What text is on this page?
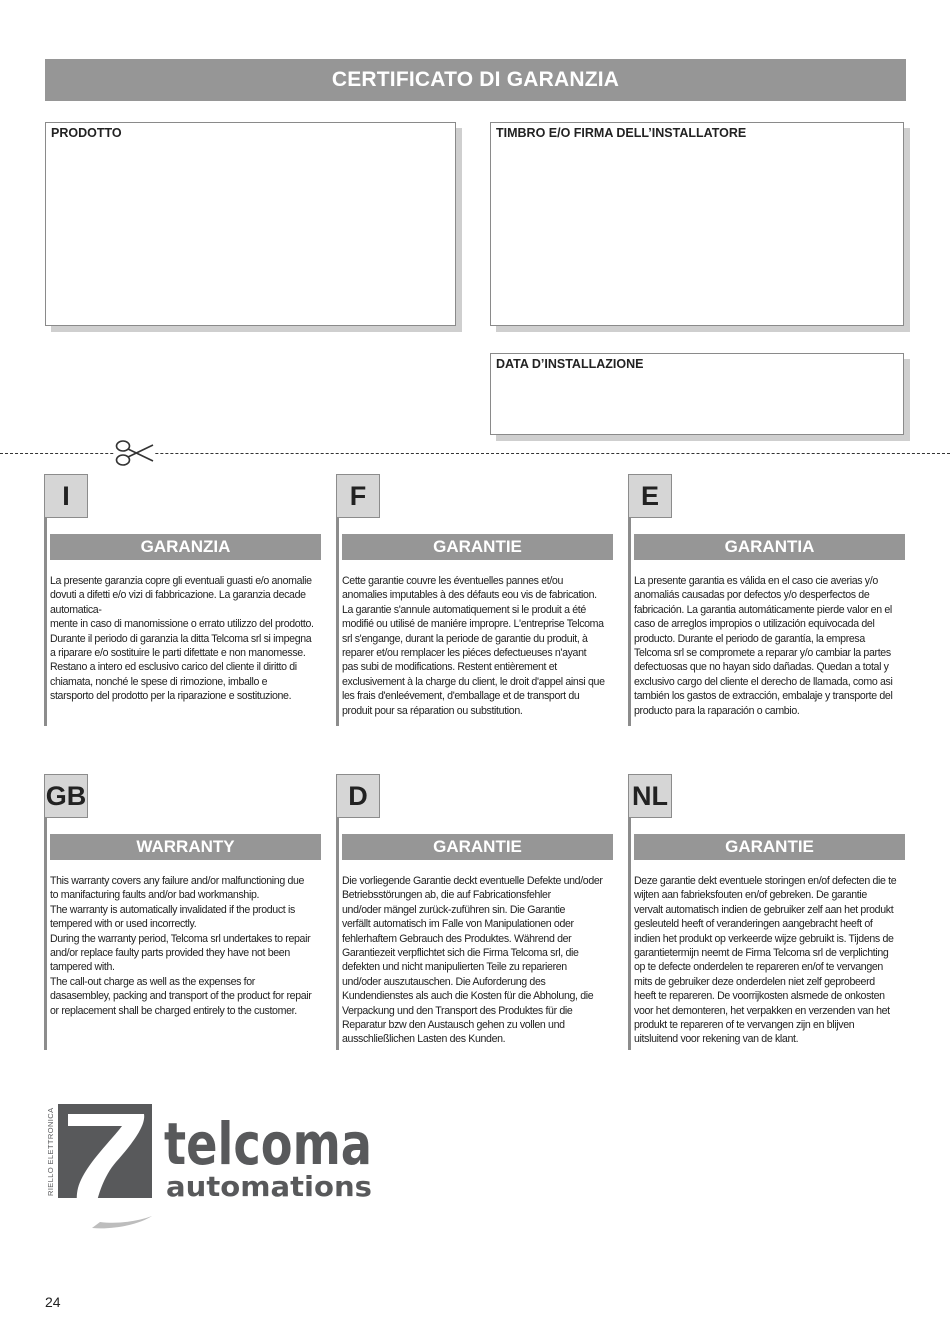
CERTIFICATO DI GARANZIA
PRODOTTO	TIMBRO E/O FIRMA DELL’INSTALLATORE
DATA D’INSTALLAZIONE
I
GARANZIA
La presente garanzia copre gli eventuali guasti e/o anomalie
dovuti a difetti e/o vizi di fabbricazione. La garanzia decade
automatica-
mente in caso di manomissione o errato utilizzo del prodotto.
Durante il periodo di garanzia la ditta Telcoma srl si impegna
a riparare e/o sostituire le parti difettate e non manomesse.
Restano a intero ed esclusivo carico del cliente il diritto di
chiamata, nonché le spese di rimozione, imballo e
starsporto del prodotto per la riparazione e sostituzione.
F
GARANTIE
Cette garantie couvre les éventuelles pannes et/ou
anomalies imputables à des défauts eou vis de fabrication.
La garantie s'annule automatiquement si le produit a été
modifié ou utilisé de maniére impropre. L'entreprise Telcoma
srl s'engange, durant la periode de garantie du produit, à
reparer et/ou remplacer les piéces defectueuses n'ayant
pas subi de modifications. Restent entièrement et
exclusivement à la charge du client, le droit d'appel ainsi que
les frais d'enleévement, d'emballage et de transport du
produit pour sa réparation ou substitution.
E
GARANTIA
La presente garantia es válida en el caso cie averias y/o
anomaliás causadas por defectos y/o desperfectos de
fabricación. La garantia automáticamente pierde valor en el
caso de arreglos impropios o utilización equivocada del
producto. Durante el periodo de garantía, la empresa
Telcoma srl se compromete a reparar y/o cambiar la partes
defectuosas que no hayan sido dañadas. Quedan a total y
exclusivo cargo del cliente el derecho de llamada, como asi
también los gastos de extracción, embalaje y transporte del
producto para la raparación o cambio.
GB
WARRANTY
This warranty covers any failure and/or malfunctioning due
to manifacturing faults and/or bad workmanship.
The warranty is automatically invalidated if the product is
tempered with or used incorrectly.
During the warranty period, Telcoma srl undertakes to repair
and/or replace faulty parts provided they have not been
tampered with.
The call-out charge as well as the expenses for
dasasembley, packing and transport of the product for repair
or replacement shall be charged entirely to the customer.
D
GARANTIE
Die vorliegende Garantie deckt eventuelle Defekte und/oder
Betriebsstörungen ab, die auf Fabricationsfehler
und/oder mängel zurück-zuführen sin. Die Garantie
verfällt automatisch im Falle von Manipulationen oder
fehlerhaftem Gebrauch des Produktes. Während der
Garantiezeit verpflichtet sich die Firma Telcoma srl, die
defekten und nicht manipulierten Teile zu reparieren
und/oder auszutauschen. Die Auforderung des
Kundendienstes als auch die Kosten für die Abholung, die
Verpackung und den Transport des Produktes für die
Reparatur bzw den Austausch gehen zu vollen und
ausschließlichen Lasten des Kunden.
NL
GARANTIE
Deze garantie dekt eventuele storingen en/of defecten die te
wijten aan fabrieksfouten en/of gebreken. De garantie
vervalt automatisch indien de gebruiker zelf aan het produkt
gesleuteld heeft of veranderingen aangebracht heeft of
indien het produkt op verkeerde wijze gebruikt is. Tijdens de
garantietermijn neemt de Firma Telcoma srl de verplichting
op te defecte onderdelen te repareren en/of te vervangen
mits de gebruiker deze onderdelen niet zelf geprobeerd
heeft te repareren. De voorrijkosten alsmede de onkosten
voor het demonteren, het verpakken en verzenden van het
produkt te repareren of te vervangen zijn en blijven
uitsluitend voor rekening van de klant.
RIELLO ELETTRONICA telcoma
automations
24
